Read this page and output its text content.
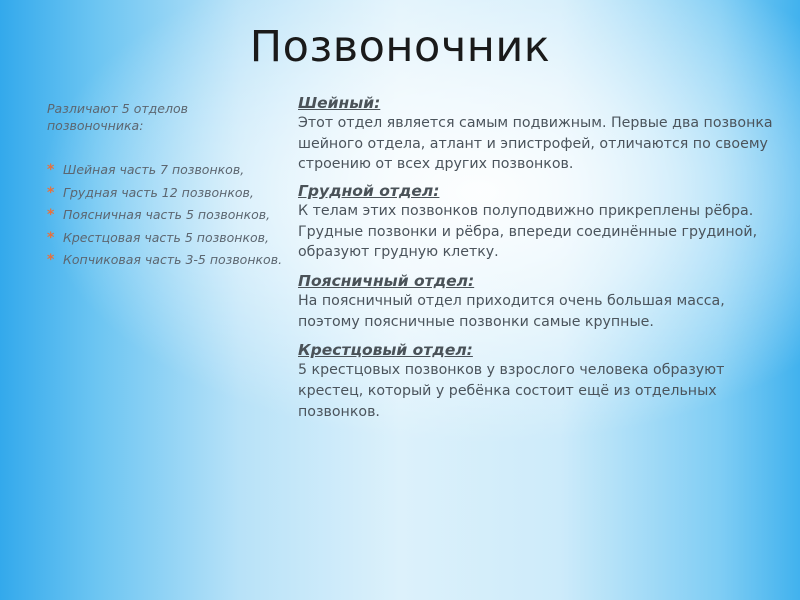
Позвоночник

Различают 5 отделов позвоночника:

* Шейная часть 7 позвонков,
* Грудная часть 12 позвонков,
* Поясничная часть 5 позвонков,
* Крестцовая часть 5 позвонков,
* Копчиковая часть 3-5 позвонков.

Шейный:

Этот отдел является самым подвижным. Первые два позвонка шейного отдела, атлант и эпистрофей, отличаются по своему строению от всех других позвонков.

Грудной отдел:

К телам этих позвонков полуподвижно прикреплены рёбра. Грудные позвонки и рёбра, впереди соединённые грудиной, образуют грудную клетку.

Поясничный отдел:

На поясничный отдел приходится очень большая масса, поэтому поясничные позвонки самые крупные.

Крестцовый отдел:

5 крестцовых позвонков у взрослого человека образуют крестец, который у ребёнка состоит ещё из отдельных позвонков.
